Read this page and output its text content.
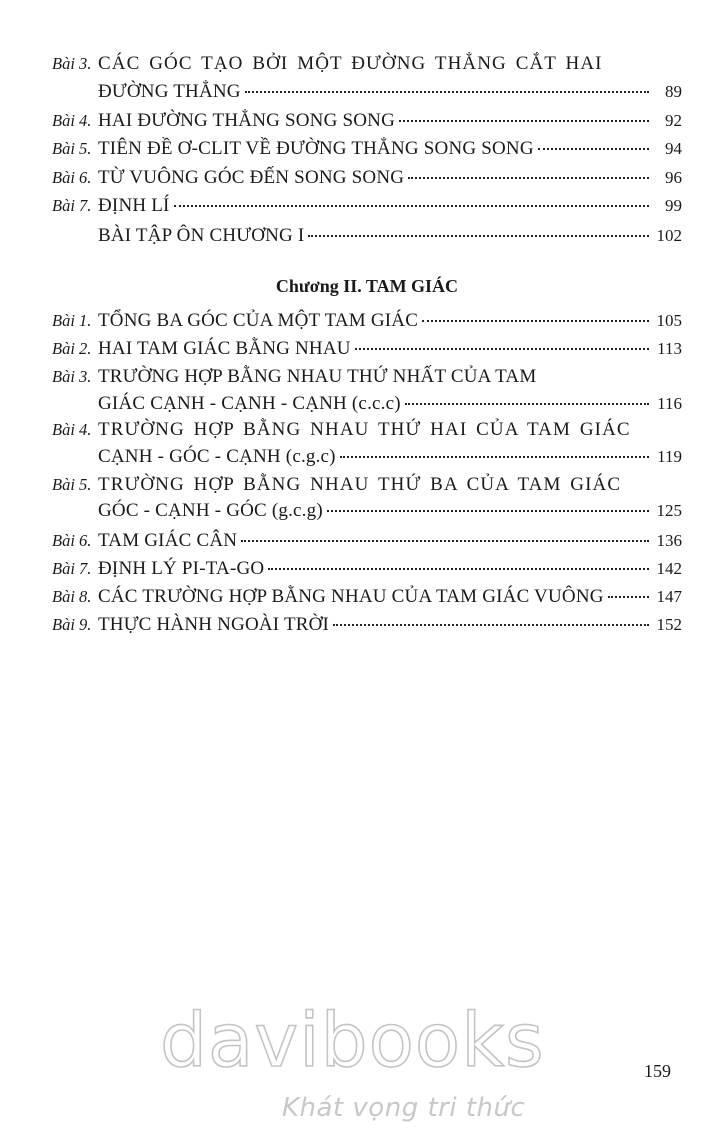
Bài 3. CÁC GÓC TẠO BỞI MỘT ĐƯỜNG THẲNG CẮT HAI
ĐƯỜNG THẲNG	89
Bài 4. HAI ĐƯỜNG THẲNG SONG SONG	92
Bài 5. TIÊN ĐỀ Ơ-CLIT VỀ ĐƯỜNG THẲNG SONG SONG	94
Bài 6. TỪ VUÔNG GÓC ĐẾN SONG SONG	96
Bài 7. ĐỊNH LÍ	99
BÀI TẬP ÔN CHƯƠNG I	102
Chương II. TAM GIÁC
Bài 1. TỔNG BA GÓC CỦA MỘT TAM GIÁC	105
Bài 2. HAI TAM GIÁC BẰNG NHAU	113
Bài 3. TRƯỜNG HỢP BẰNG NHAU THỨ NHẤT CỦA TAM
GIÁC CẠNH - CẠNH - CẠNH (c.c.c)	116
Bài 4. TRƯỜNG HỢP BẰNG NHAU THỨ HAI CỦA TAM GIÁC
CẠNH - GÓC - CẠNH (c.g.c)	119
Bài 5. TRƯỜNG HỢP BẰNG NHAU THỨ BA CỦA TAM GIÁC
GÓC - CẠNH - GÓC (g.c.g)	125
Bài 6. TAM GIÁC CÂN	136
Bài 7. ĐỊNH LÝ PI-TA-GO	142
Bài 8. CÁC TRƯỜNG HỢP BẰNG NHAU CỦA TAM GIÁC VUÔNG	147
Bài 9. THỰC HÀNH NGOÀI TRỜI	152
davibooks
Khát vọng tri thức
159
